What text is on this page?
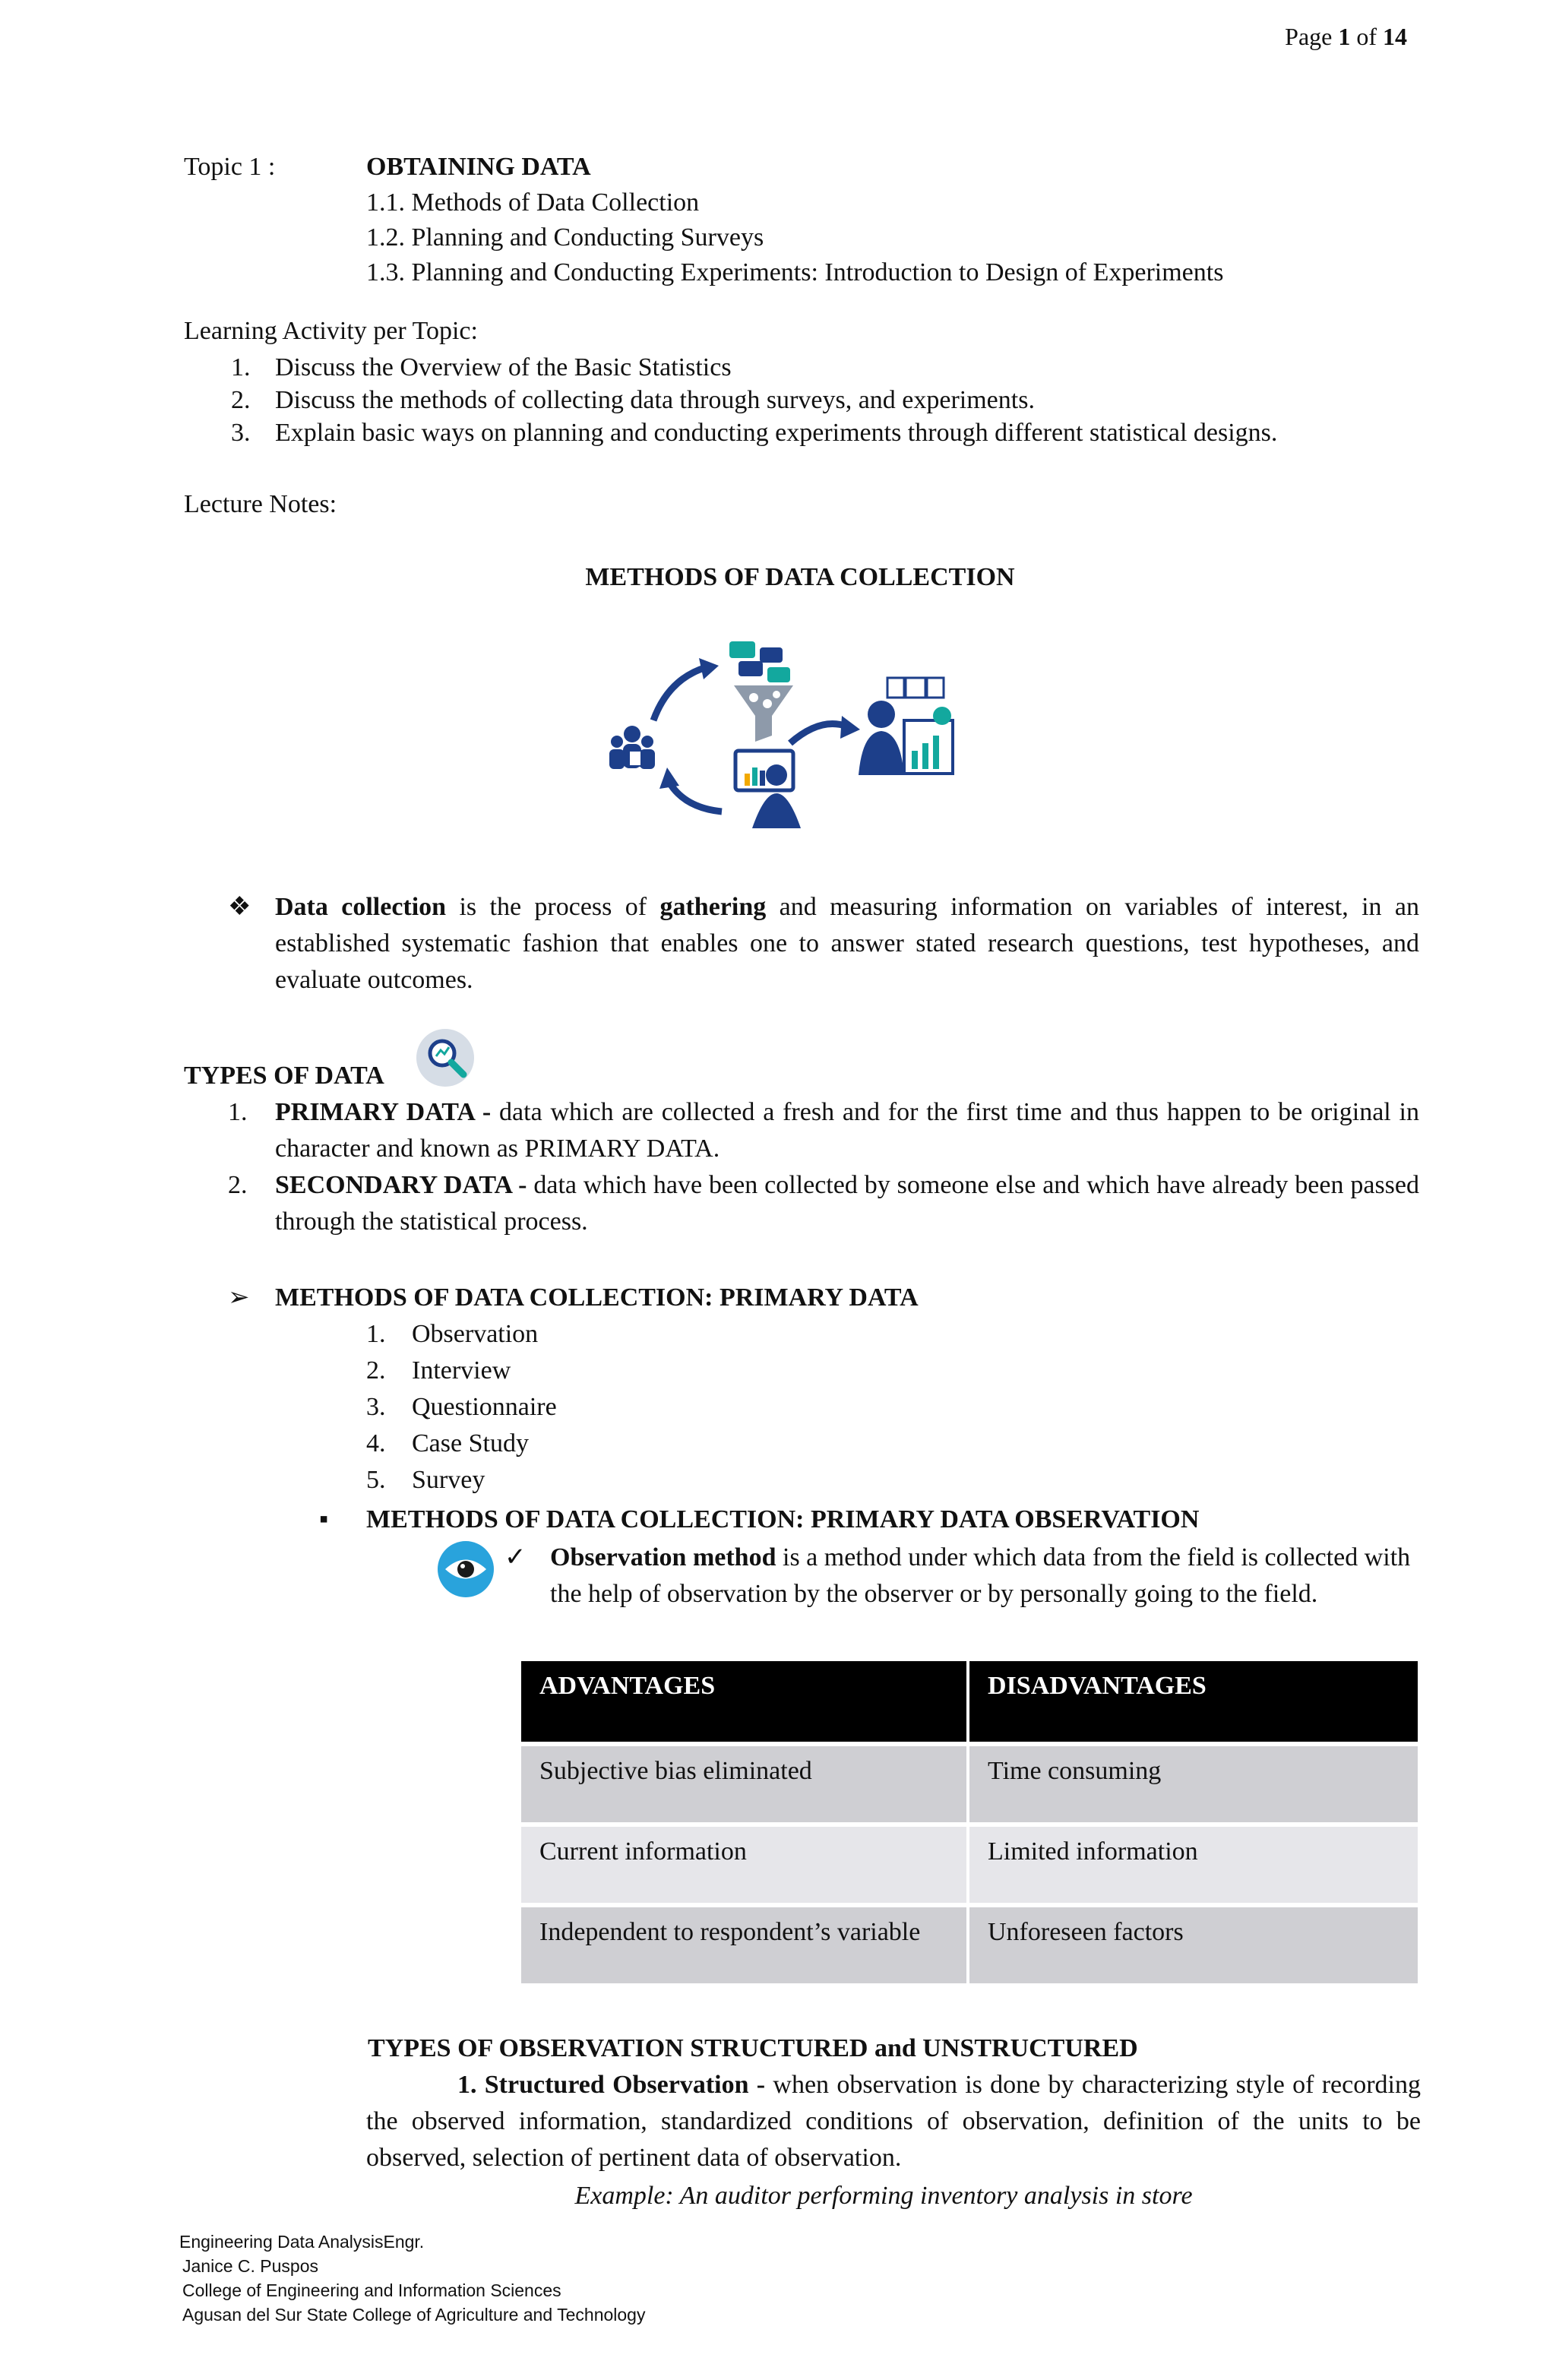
Page 1 of 14
Topic 1 :	OBTAINING DATA
1.1. Methods of Data Collection
1.2. Planning and Conducting Surveys
1.3. Planning and Conducting Experiments: Introduction to Design of Experiments
Learning Activity per Topic:
1. Discuss the Overview of the Basic Statistics
2. Discuss the methods of collecting data through surveys, and experiments.
3. Explain basic ways on planning and conducting experiments through different statistical designs.
Lecture Notes:
METHODS OF DATA COLLECTION
❖ Data collection is the process of gathering and measuring information on variables of interest, in an established systematic fashion that enables one to answer stated research questions, test hypotheses, and evaluate outcomes.
TYPES OF DATA
1.	PRIMARY DATA - data which are collected a fresh and for the first time and thus happen to be original in character and known as PRIMARY DATA.
2.	SECONDARY DATA - data which have been collected by someone else and which have already been passed through the statistical process.
➢ METHODS OF DATA COLLECTION: PRIMARY DATA
1.	Observation
2.	Interview
3.	Questionnaire
4.	Case Study
5.	Survey
▪ METHODS OF DATA COLLECTION: PRIMARY DATA OBSERVATION
✓ Observation method is a method under which data from the field is collected with the help of observation by the observer or by personally going to the field.
ADVANTAGES	DISADVANTAGES
Subjective bias eliminated	Time consuming
Current information	Limited information
Independent to respondent’s variable	Unforeseen factors
TYPES OF OBSERVATION STRUCTURED and UNSTRUCTURED
1. Structured Observation - when observation is done by characterizing style of recording the observed information, standardized conditions of observation, definition of the units to be observed, selection of pertinent data of observation.
Example: An auditor performing inventory analysis in store
Engineering Data AnalysisEngr.
Janice C. Puspos
College of Engineering and Information Sciences
Agusan del Sur State College of Agriculture and Technology
